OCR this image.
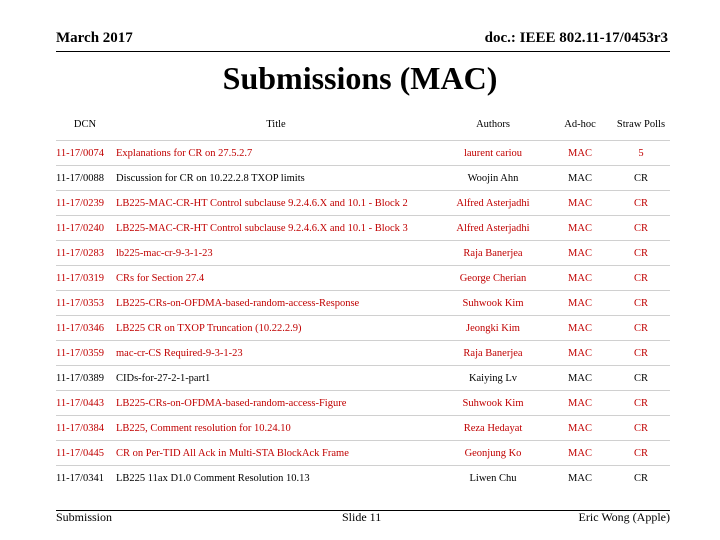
March 2017	doc.: IEEE 802.11-17/0453r3
Submissions (MAC)
DCN	Title	Authors	Ad-hoc	Straw Polls
11-17/0074	Explanations for CR on 27.5.2.7	laurent cariou	MAC	5
11-17/0088	Discussion for CR on 10.22.2.8 TXOP limits	Woojin Ahn	MAC	CR
11-17/0239	LB225-MAC-CR-HT Control subclause 9.2.4.6.X and 10.1 - Block 2	Alfred Asterjadhi	MAC	CR
11-17/0240	LB225-MAC-CR-HT Control subclause 9.2.4.6.X and 10.1 - Block 3	Alfred Asterjadhi	MAC	CR
11-17/0283	lb225-mac-cr-9-3-1-23	Raja Banerjea	MAC	CR
11-17/0319	CRs for Section 27.4	George Cherian	MAC	CR
11-17/0353	LB225-CRs-on-OFDMA-based-random-access-Response	Suhwook Kim	MAC	CR
11-17/0346	LB225 CR on TXOP Truncation (10.22.2.9)	Jeongki Kim	MAC	CR
11-17/0359	mac-cr-CS Required-9-3-1-23	Raja Banerjea	MAC	CR
11-17/0389	CIDs-for-27-2-1-part1	Kaiying Lv	MAC	CR
11-17/0443	LB225-CRs-on-OFDMA-based-random-access-Figure	Suhwook Kim	MAC	CR
11-17/0384	LB225, Comment resolution for 10.24.10	Reza Hedayat	MAC	CR
11-17/0445	CR on Per-TID All Ack in Multi-STA BlockAck Frame	Geonjung Ko	MAC	CR
11-17/0341	LB225 11ax D1.0 Comment Resolution 10.13	Liwen Chu	MAC	CR
Submission	Slide 11	Eric Wong (Apple)
